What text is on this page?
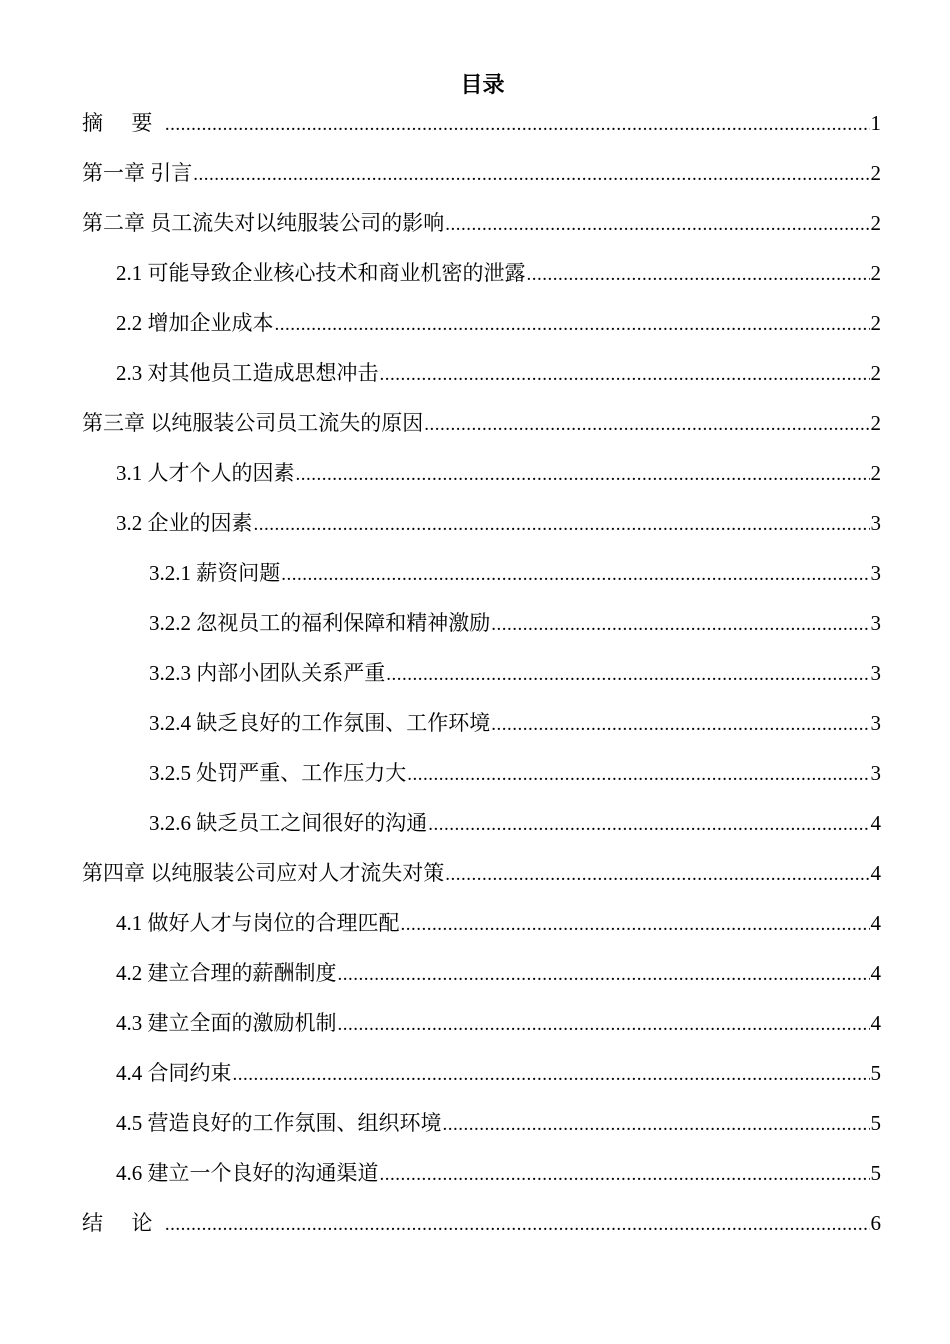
目录
摘 要 .....	1
第一章 引言 .....	2
第二章 员工流失对以纯服装公司的影响 .....	2
2.1 可能导致企业核心技术和商业机密的泄露 .....	2
2.2 增加企业成本 .....	2
2.3 对其他员工造成思想冲击 .....	2
第三章 以纯服装公司员工流失的原因 .....	2
3.1 人才个人的因素 .....	2
3.2 企业的因素 .....	3
3.2.1 薪资问题 .....	3
3.2.2 忽视员工的福利保障和精神激励 .....	3
3.2.3 内部小团队关系严重 .....	3
3.2.4 缺乏良好的工作氛围、工作环境 .....	3
3.2.5 处罚严重、工作压力大 .....	3
3.2.6 缺乏员工之间很好的沟通 .....	4
第四章 以纯服装公司应对人才流失对策 .....	4
4.1 做好人才与岗位的合理匹配 .....	4
4.2 建立合理的薪酬制度 .....	4
4.3 建立全面的激励机制 .....	4
4.4 合同约束 .....	5
4.5 营造良好的工作氛围、组织环境 .....	5
4.6 建立一个良好的沟通渠道 .....	5
结 论 .....	6
